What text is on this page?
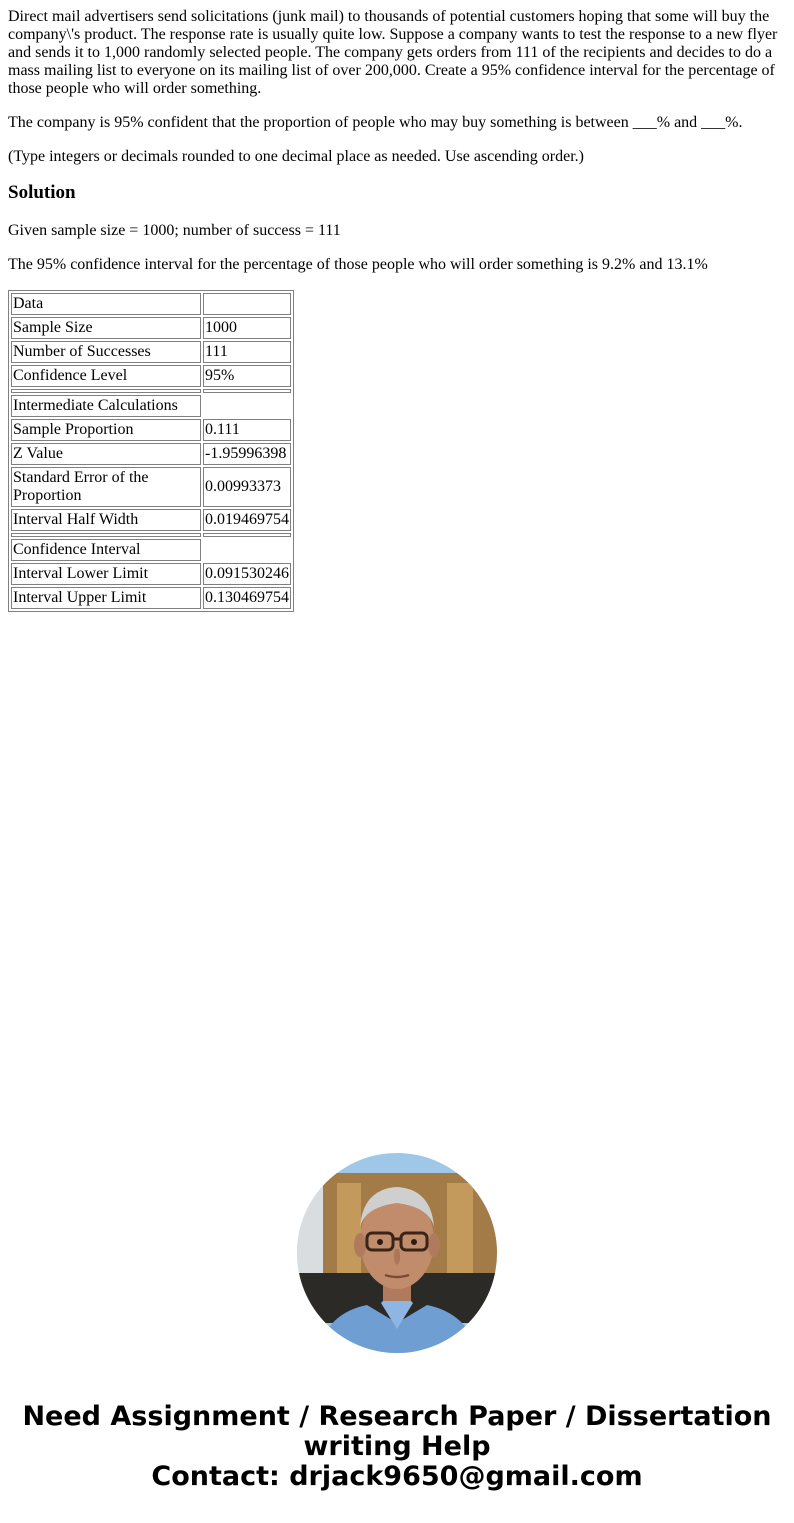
Direct mail advertisers send solicitations (junk mail) to thousands of potential customers hoping that some will buy the company\'s product. The response rate is usually quite low. Suppose a company wants to test the response to a new flyer and sends it to 1,000 randomly selected people. The company gets orders from 111 of the recipients and decides to do a mass mailing list to everyone on its mailing list of over 200,000. Create a 95% confidence interval for the percentage of those people who will order something.

The company is 95% confident that the proportion of people who may buy something is between ___% and ___%.

(Type integers or decimals rounded to one decimal place as needed. Use ascending order.)

Solution

Given sample size = 1000; number of success = 111

The 95% confidence interval for the percentage of those people who will order something is 9.2% and 13.1%

Data	
Sample Size	1000
Number of Successes	111
Confidence Level	95%

Intermediate Calculations	
Sample Proportion	0.111
Z Value	-1.95996398
Standard Error of the Proportion	0.00993373
Interval Half Width	0.019469754

Confidence Interval	
Interval Lower Limit	0.091530246
Interval Upper Limit	0.130469754
Need Assignment / Research Paper / Dissertation
writing Help
Contact: drjack9650@gmail.com
